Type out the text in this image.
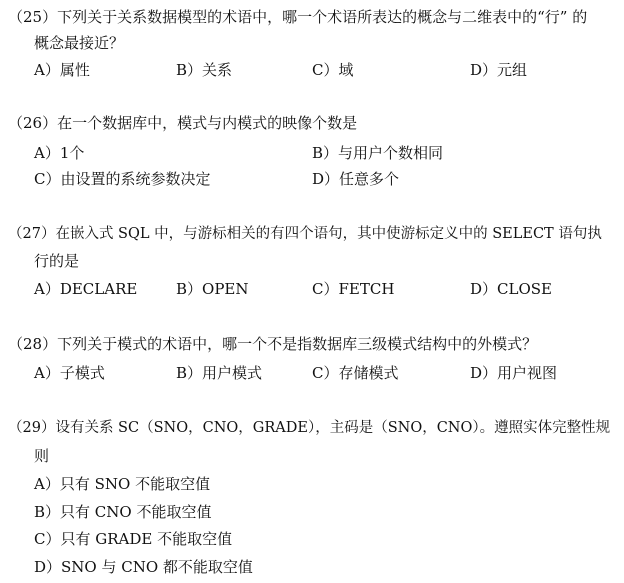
（25）下列关于关系数据模型的术语中，哪一个术语所表达的概念与二维表中的“行” 的
概念最接近？
A）属性	B）关系	C）域	D）元组
（26）在一个数据库中，模式与内模式的映像个数是
A）1个	B）与用户个数相同
C）由设置的系统参数决定	D）任意多个
（27）在嵌入式 SQL 中，与游标相关的有四个语句，其中使游标定义中的 SELECT 语句执
行的是
A）DECLARE	B）OPEN	C）FETCH	D）CLOSE
（28）下列关于模式的术语中，哪一个不是指数据库三级模式结构中的外模式？
A）子模式	B）用户模式	C）存储模式	D）用户视图
（29）设有关系 SC（SNO，CNO，GRADE），主码是（SNO，CNO）。遵照实体完整性规
则
A）只有 SNO 不能取空值
B）只有 CNO 不能取空值
C）只有 GRADE 不能取空值
D）SNO 与 CNO 都不能取空值
